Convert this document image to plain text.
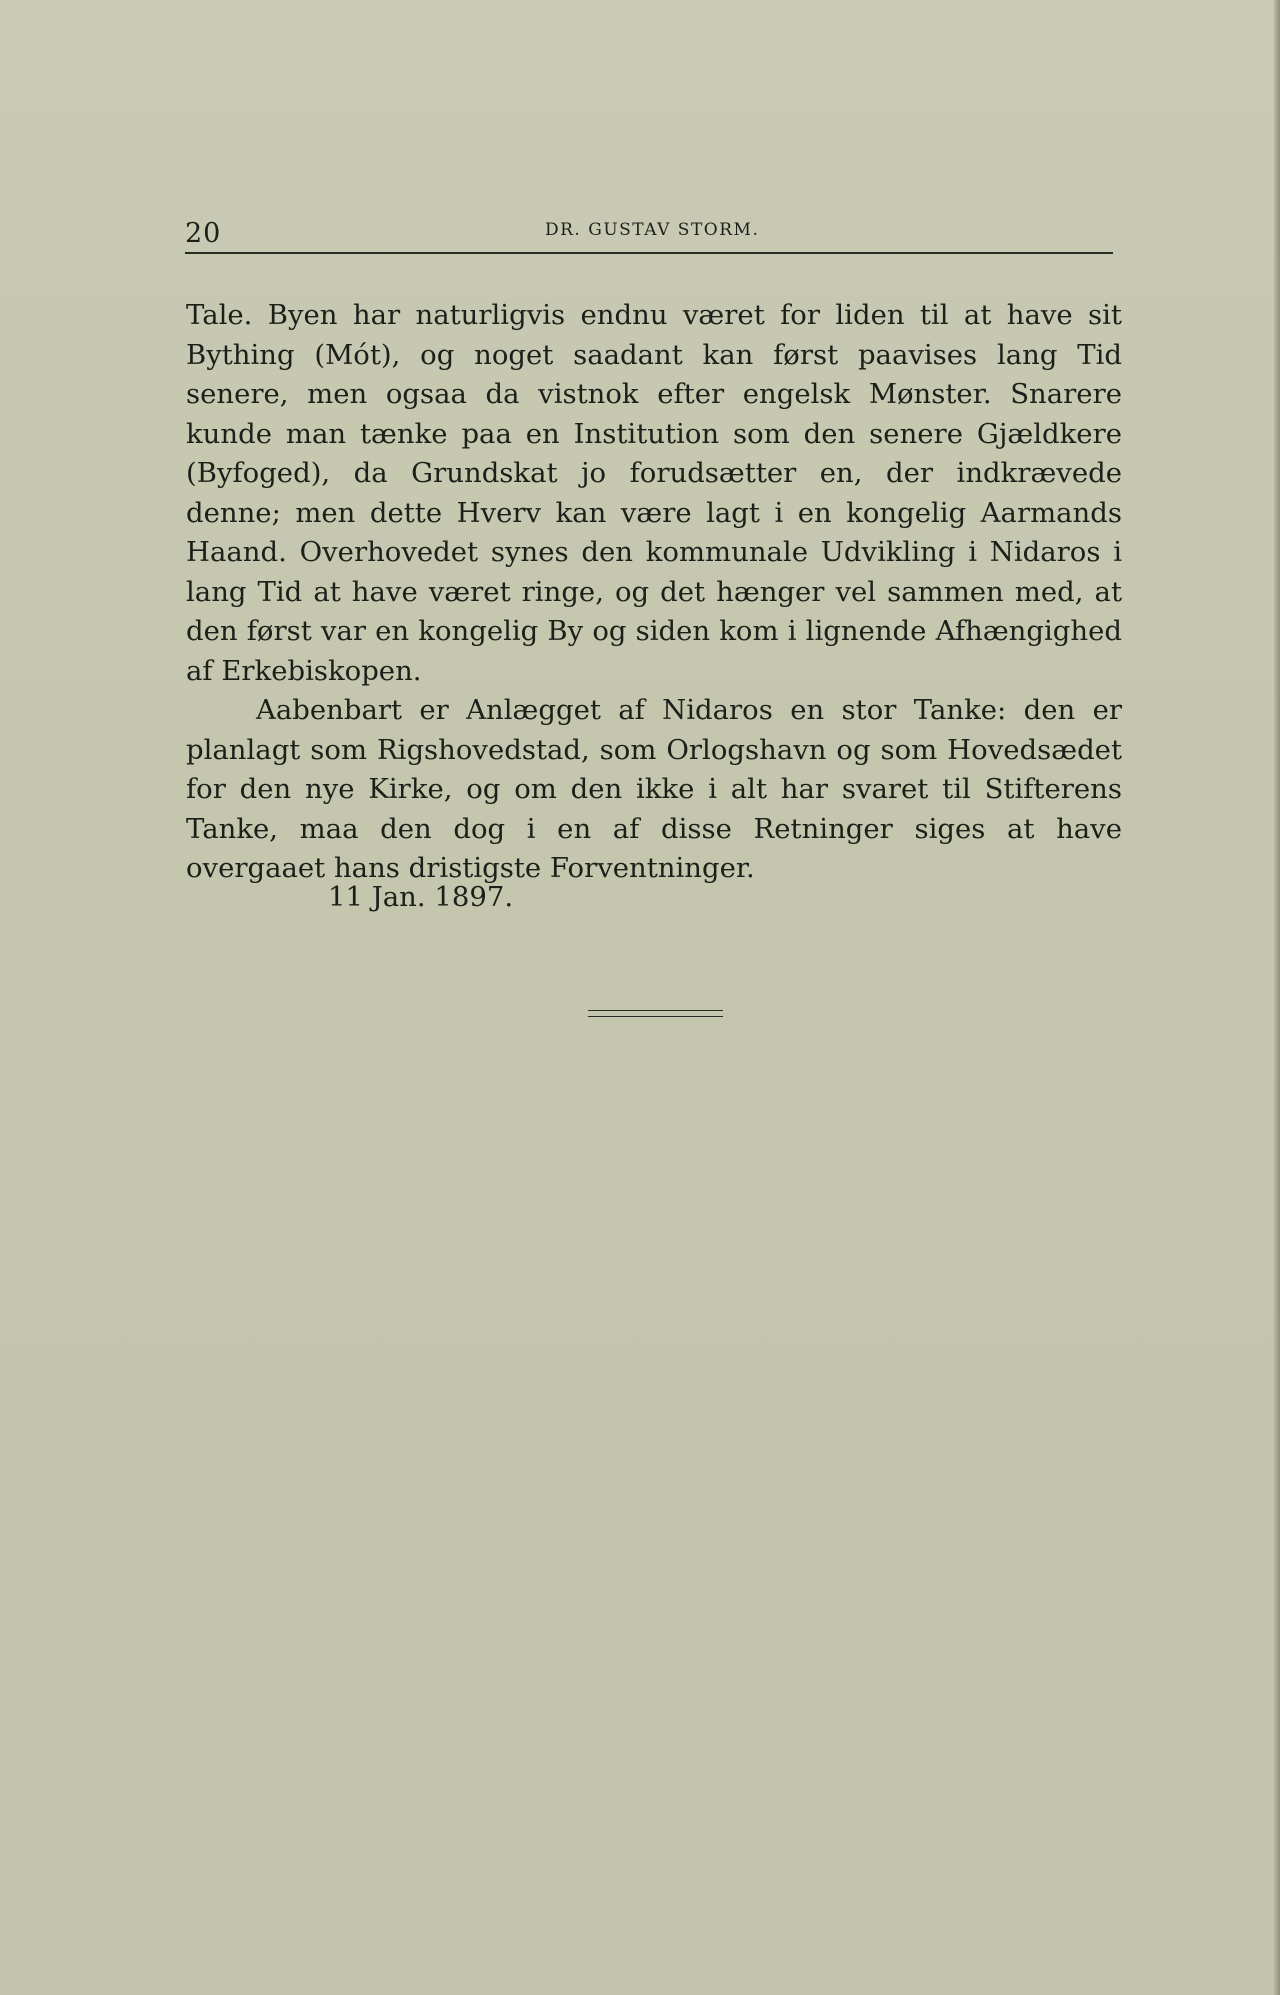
20	DR. GUSTAV STORM.

Tale. Byen har naturligvis endnu været for liden til at have sit Bything (Mót), og noget saadant kan først paavises lang Tid senere, men ogsaa da vistnok efter engelsk Mønster. Snarere kunde man tænke paa en Institution som den senere Gjældkere (Byfoged), da Grundskat jo forudsætter en, der indkrævede denne; men dette Hverv kan være lagt i en kongelig Aarmands Haand. Overhovedet synes den kommunale Udvikling i Nidaros i lang Tid at have været ringe, og det hænger vel sammen med, at den først var en kongelig By og siden kom i lignende Afhængighed af Erkebiskopen.

Aabenbart er Anlægget af Nidaros en stor Tanke: den er planlagt som Rigshovedstad, som Orlogshavn og som Hovedsædet for den nye Kirke, og om den ikke i alt har svaret til Stifterens Tanke, maa den dog i en af disse Retninger siges at have overgaaet hans dristigste Forventninger.

11 Jan. 1897.
